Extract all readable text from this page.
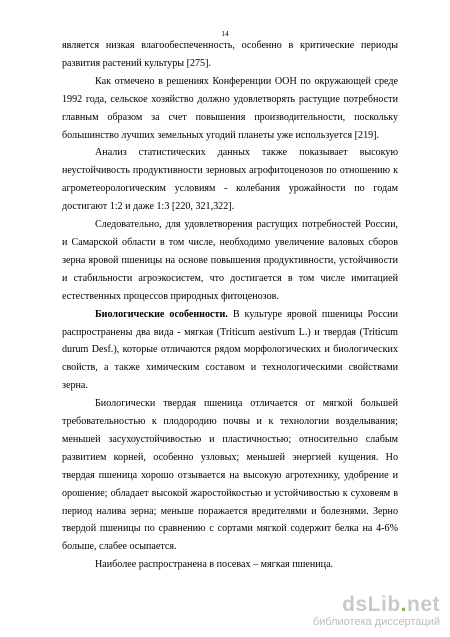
14

является низкая влагообеспеченность, особенно в критические периоды развития растений культуры [275].

Как отмечено в решениях Конференции ООН по окружающей среде 1992 года, сельское хозяйство должно удовлетворять растущие потребности главным образом за счет повышения производительности, поскольку большинство лучших земельных угодий планеты уже используется [219].

Анализ статистических данных также показывает высокую неустойчивость продуктивности зерновых агрофитоценозов по отношению к агрометеорологическим условиям - колебания урожайности по годам достигают 1:2 и даже 1:3 [220, 321,322].

Следовательно, для удовлетворения растущих потребностей России, и Самарской области в том числе, необходимо увеличение валовых сборов зерна яровой пшеницы на основе повышения продуктивности, устойчивости и стабильности агроэкосистем, что достигается в том числе имитацией естественных процессов природных фитоценозов.

Биологические особенности. В культуре яровой пшеницы России распространены два вида - мягкая (Triticum aestivum L.) и твердая (Triticum durum Desf.), которые отличаются рядом морфологических и биологических свойств, а также химическим составом и технологическими свойствами зерна.

Биологически твердая пшеница отличается от мягкой большей требовательностью к плодородию почвы и к технологии возделывания; меньшей засухоустойчивостью и пластичностью; относительно слабым развитием корней, особенно узловых; меньшей энергией кущения. Но твердая пшеница хорошо отзывается на высокую агротехнику, удобрение и орошение; обладает высокой жаростойкостью и устойчивостью к суховеям в период налива зерна; меньше поражается вредителями и болезнями. Зерно твердой пшеницы по сравнению с сортами мягкой содержит белка на 4-6% больше, слабее осыпается.

Наиболее распространена в посевах – мягкая пшеница.

dsLib.net
библиотека диссертаций
